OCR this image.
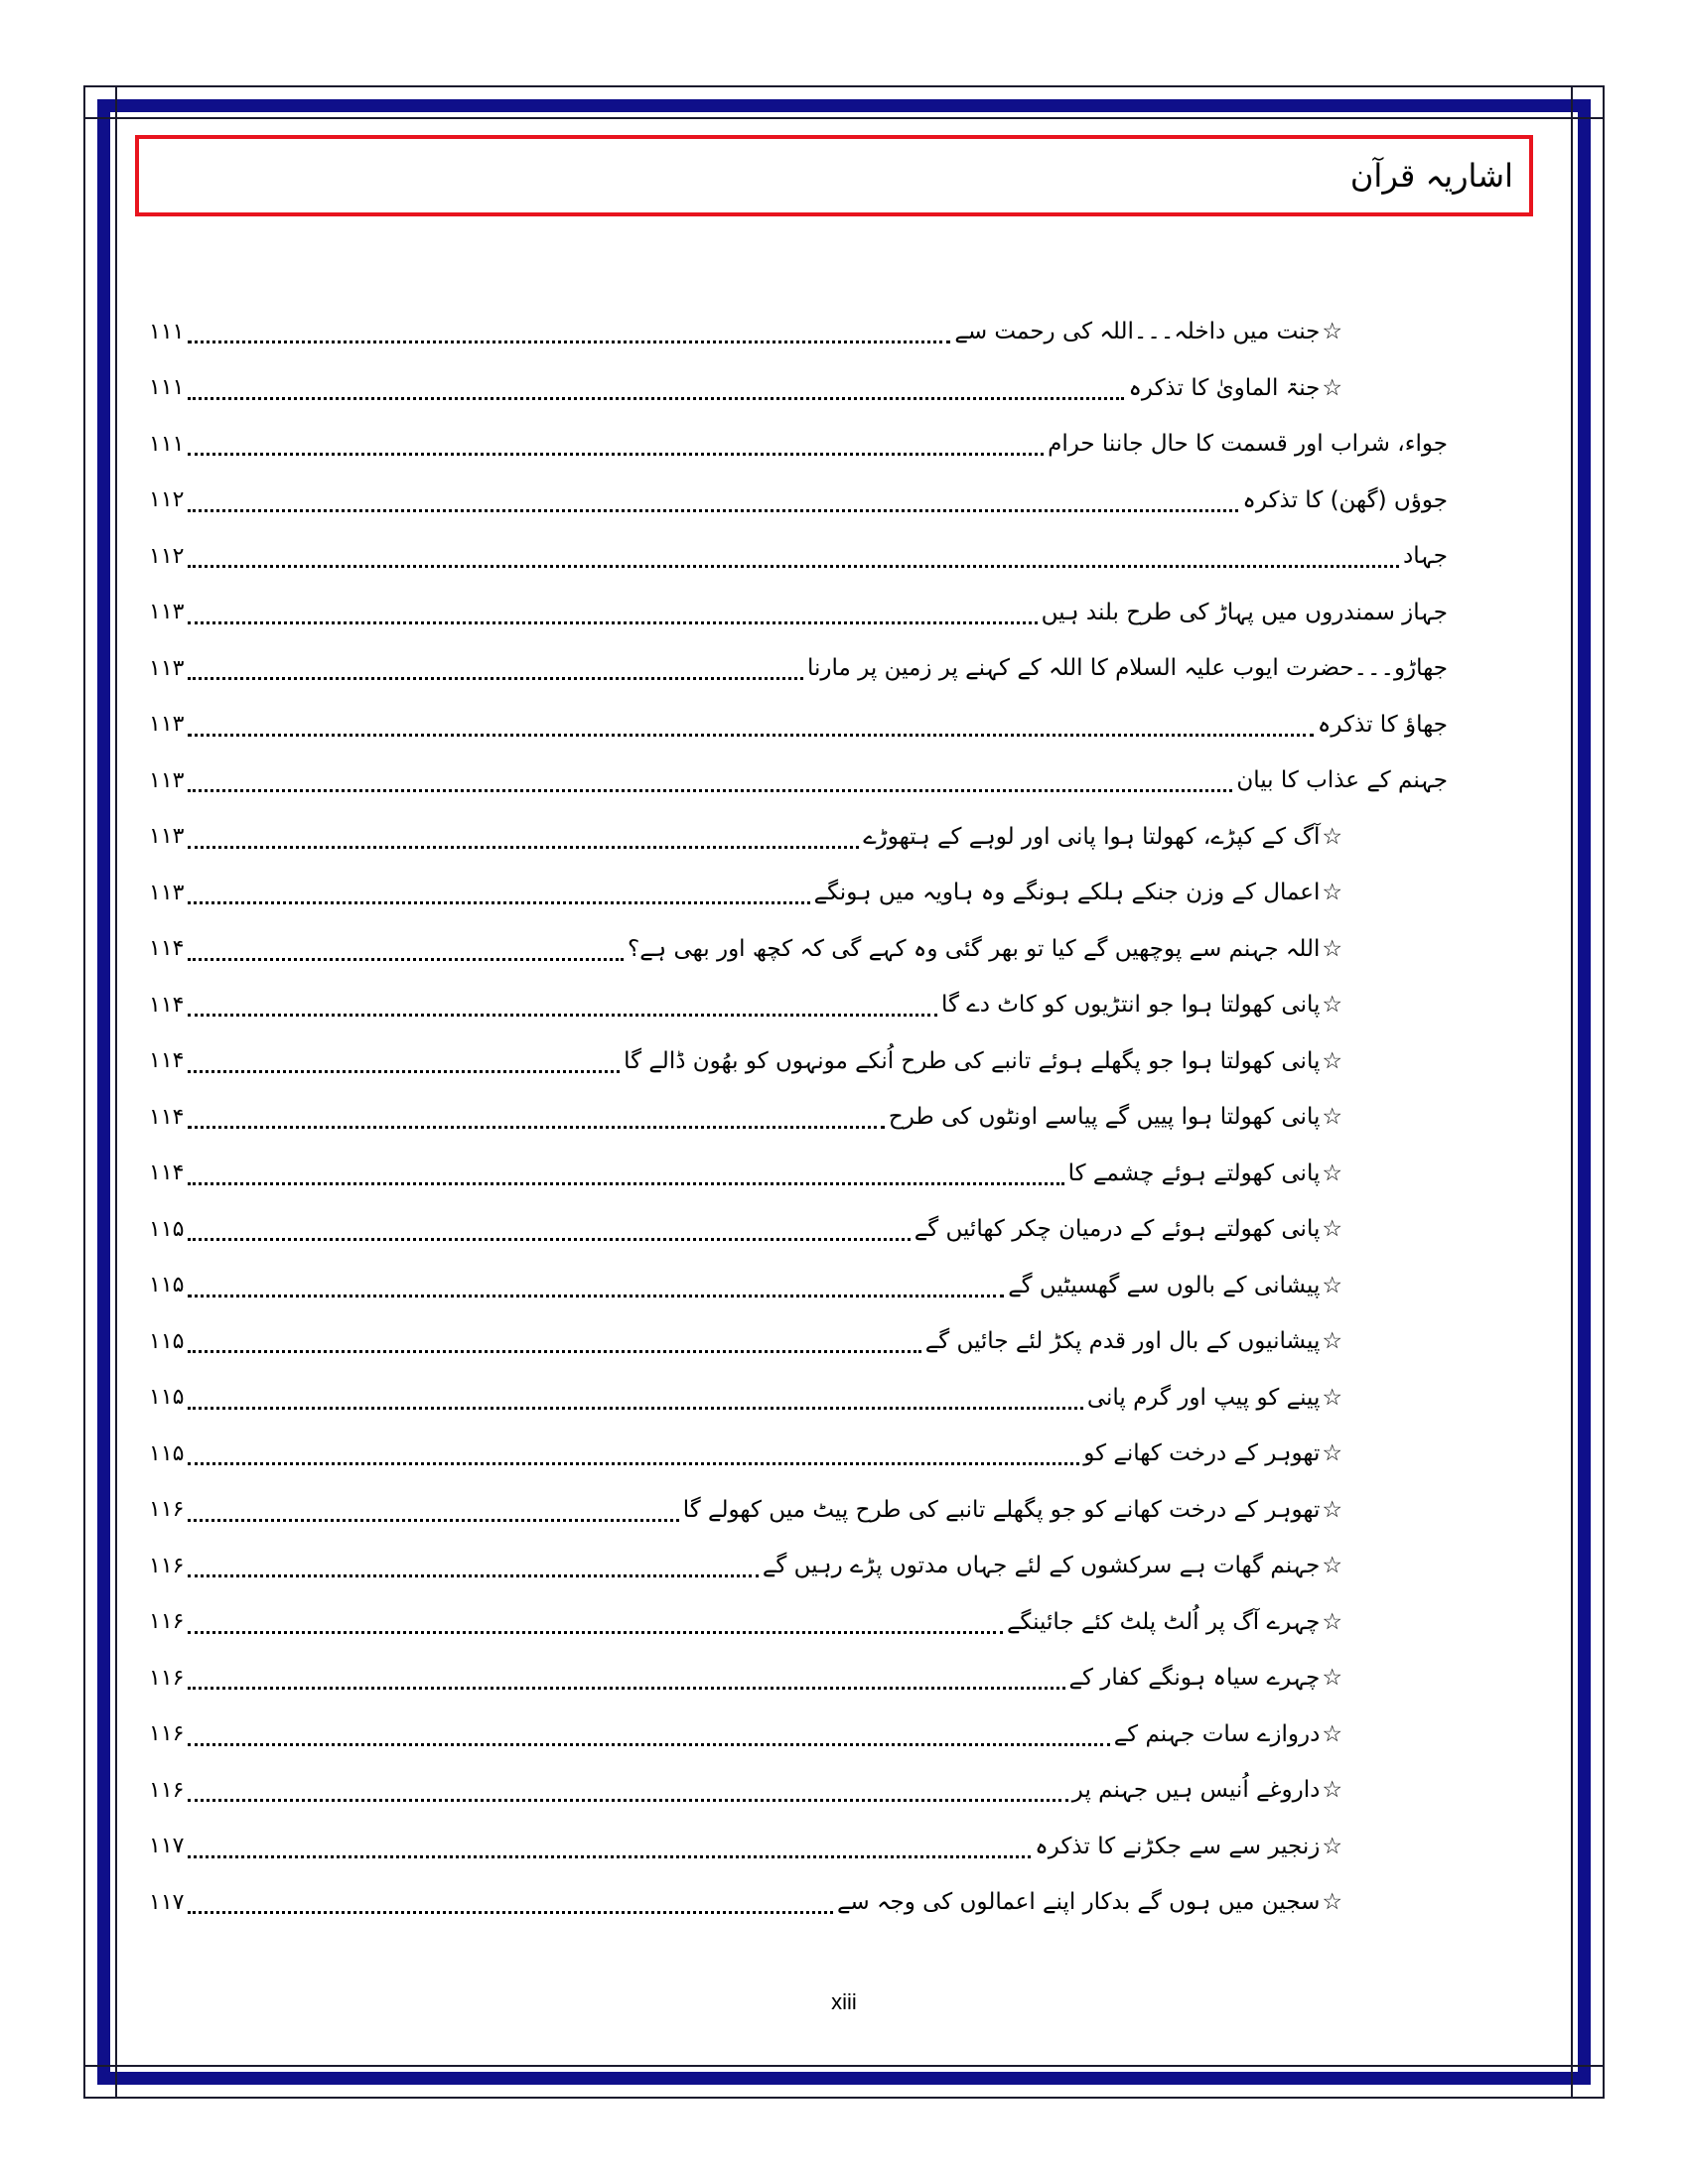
اشاریہ قرآن
☆ جنت میں داخلہ۔۔۔اللہ کی رحمت سے
۱۱۱
☆ جنۃ الماویٰ کا تذکرہ
۱۱۱
جواء، شراب اور قسمت کا حال جاننا حرام
۱۱۱
جوؤں (گھن) کا تذکرہ
۱۱۲
جہاد
۱۱۲
جہاز سمندروں میں پہاڑ کی طرح بلند ہیں
۱۱۳
جھاڑو۔۔۔حضرت ایوب علیہ السلام کا اللہ کے کہنے پر زمین پر مارنا
۱۱۳
جھاؤ کا تذکرہ
۱۱۳
جہنم کے عذاب کا بیان
۱۱۳
☆ آگ کے کپڑے، کھولتا ہوا پانی اور لوہے کے ہتھوڑے
۱۱۳
☆ اعمال کے وزن جنکے ہلکے ہونگے وہ ہاویہ میں ہونگے
۱۱۳
☆ اللہ جہنم سے پوچھیں گے کیا تو بھر گئی وہ کہے گی کہ کچھ اور بھی ہے؟
۱۱۴
☆ پانی کھولتا ہوا جو انتڑیوں کو کاٹ دے گا
۱۱۴
☆ پانی کھولتا ہوا جو پگھلے ہوئے تانبے کی طرح اُنکے مونہوں کو بھُون ڈالے گا
۱۱۴
☆ پانی کھولتا ہوا پییں گے پیاسے اونٹوں کی طرح
۱۱۴
☆ پانی کھولتے ہوئے چشمے کا
۱۱۴
☆ پانی کھولتے ہوئے کے درمیان چکر کھائیں گے
۱۱۵
☆ پیشانی کے بالوں سے گھسیٹیں گے
۱۱۵
☆ پیشانیوں کے بال اور قدم پکڑ لئے جائیں گے
۱۱۵
☆ پینے کو پیپ اور گرم پانی
۱۱۵
☆ تھوہر کے درخت کھانے کو
۱۱۵
☆ تھوہر کے درخت کھانے کو جو پگھلے تانبے کی طرح پیٹ میں کھولے گا
۱۱۶
☆ جہنم گھات ہے سرکشوں کے لئے جہاں مدتوں پڑے رہیں گے
۱۱۶
☆ چہرے آگ پر اُلٹ پلٹ کئے جائینگے
۱۱۶
☆ چہرے سیاہ ہونگے کفار کے
۱۱۶
☆ دروازے سات جہنم کے
۱۱۶
☆ داروغے اُنیس ہیں جہنم پر
۱۱۶
☆ زنجیر سے سے جکڑنے کا تذکرہ
۱۱۷
☆ سجین میں ہوں گے بدکار اپنے اعمالوں کی وجہ سے
۱۱۷
xiii
